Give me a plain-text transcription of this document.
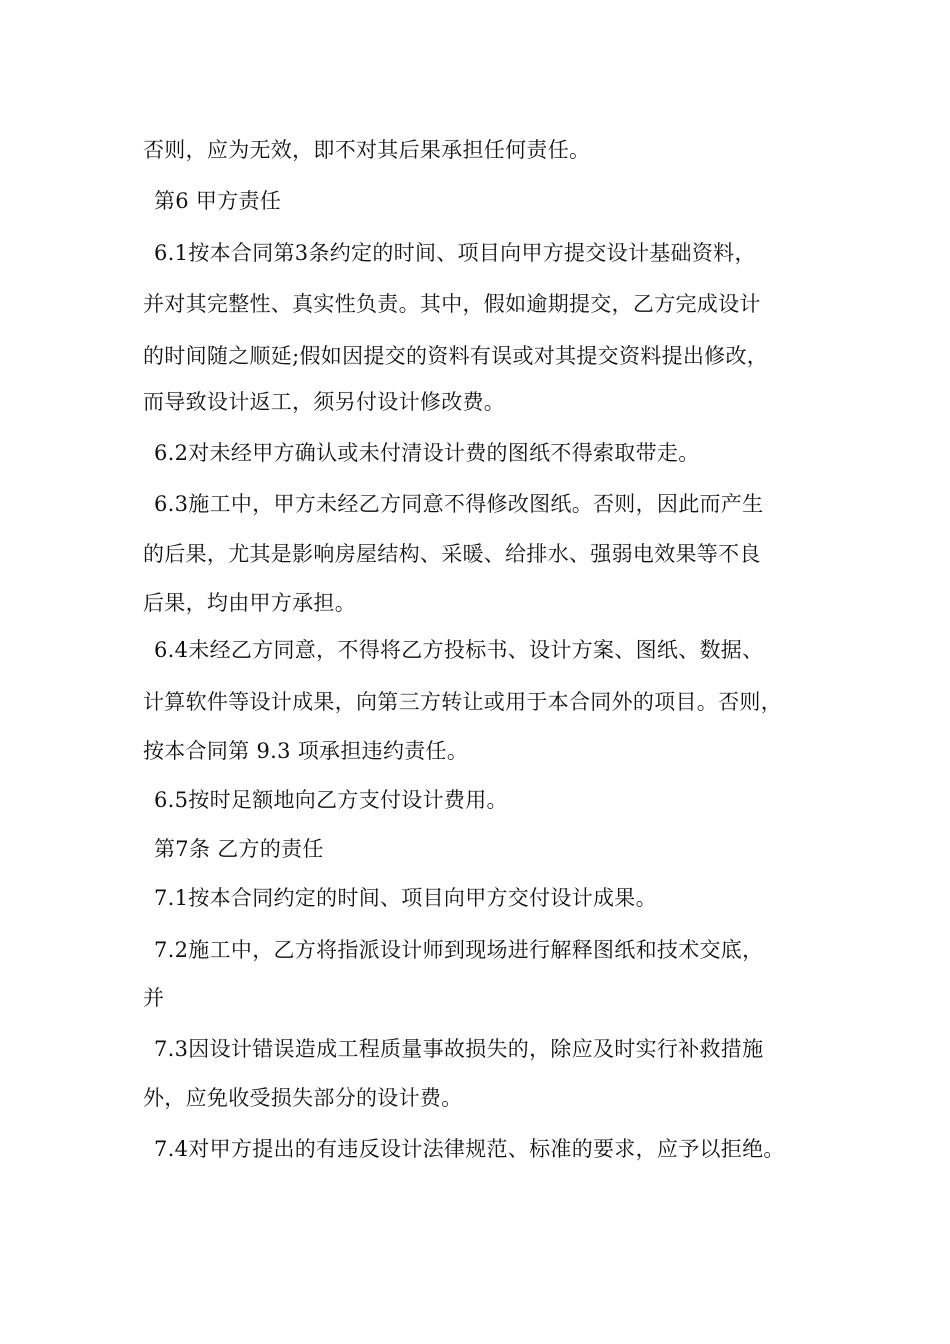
否则，应为无效，即不对其后果承担任何责任。
第6 甲方责任
6.1按本合同第3条约定的时间、项目向甲方提交设计基础资料，
并对其完整性、真实性负责。其中，假如逾期提交，乙方完成设计
的时间随之顺延;假如因提交的资料有误或对其提交资料提出修改，
而导致设计返工，须另付设计修改费。
6.2对未经甲方确认或未付清设计费的图纸不得索取带走。
6.3施工中，甲方未经乙方同意不得修改图纸。否则，因此而产生
的后果，尤其是影响房屋结构、采暖、给排水、强弱电效果等不良
后果，均由甲方承担。
6.4未经乙方同意，不得将乙方投标书、设计方案、图纸、数据、
计算软件等设计成果，向第三方转让或用于本合同外的项目。否则，
按本合同第 9.3 项承担违约责任。
6.5按时足额地向乙方支付设计费用。
第7条 乙方的责任
7.1按本合同约定的时间、项目向甲方交付设计成果。
7.2施工中，乙方将指派设计师到现场进行解释图纸和技术交底，
并
7.3因设计错误造成工程质量事故损失的，除应及时实行补救措施
外，应免收受损失部分的设计费。
7.4对甲方提出的有违反设计法律规范、标准的要求，应予以拒绝。
